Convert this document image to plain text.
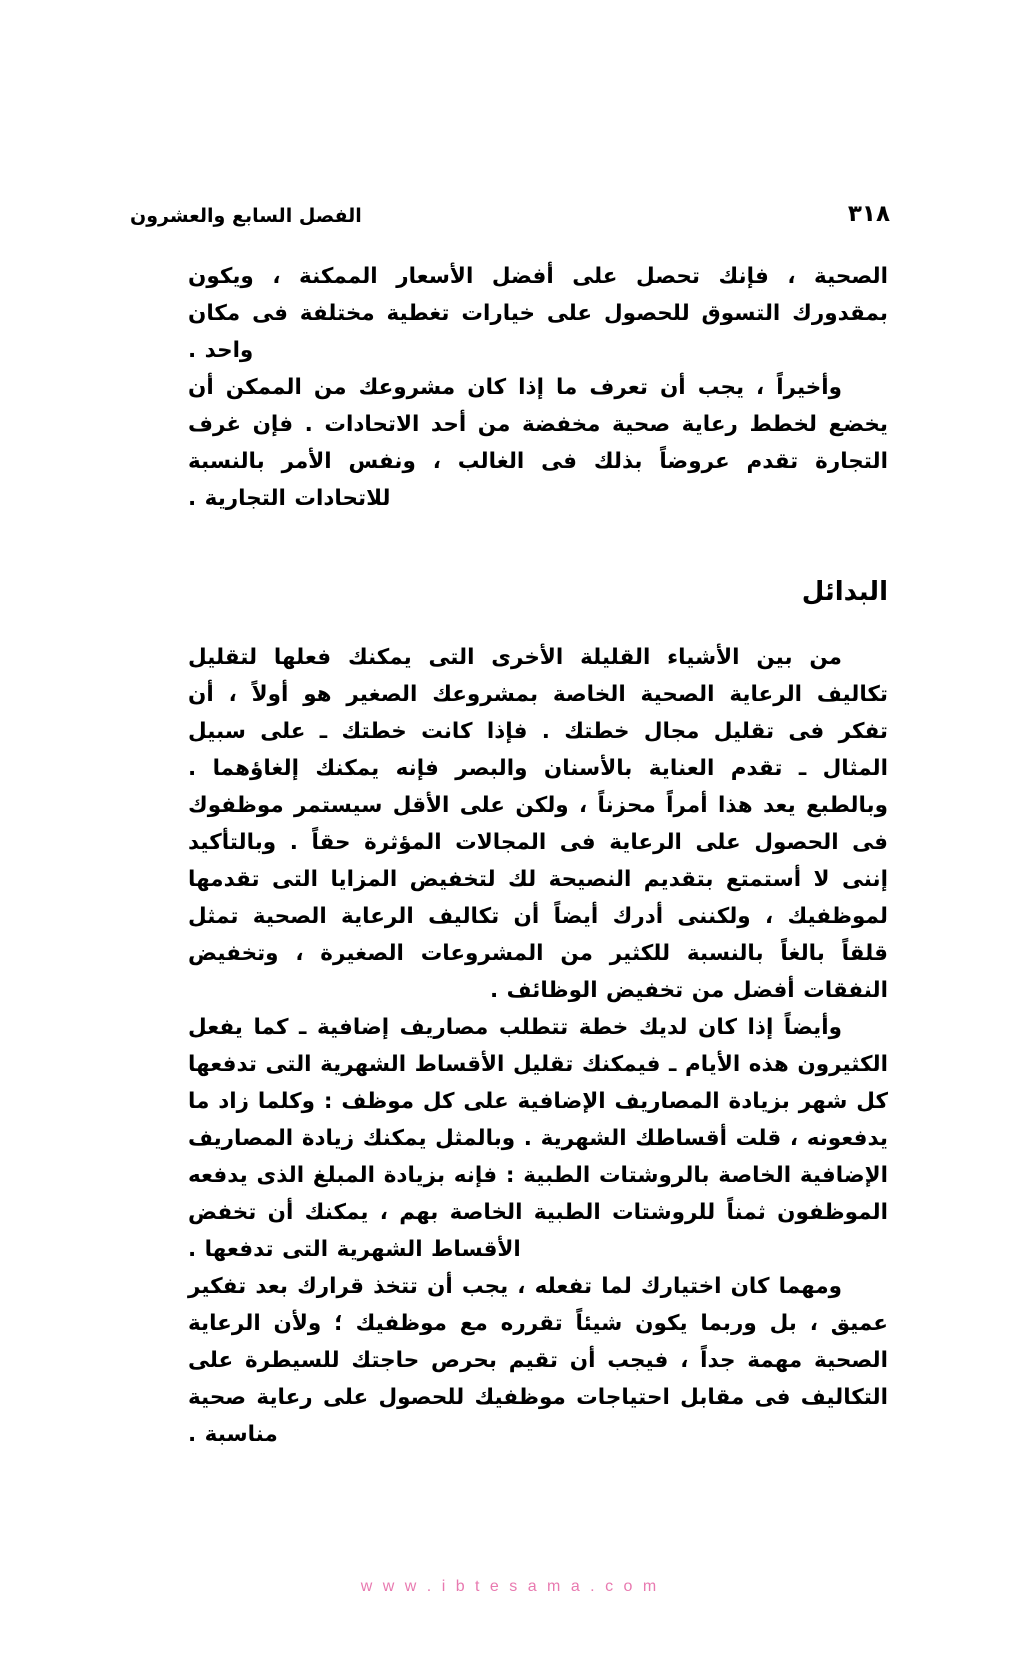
٣١٨
الفصل السابع والعشرون

الصحية ، فإنك تحصل على أفضل الأسعار الممكنة ، ويكون بمقدورك التسوق للحصول على خيارات تغطية مختلفة فى مكان واحد .

وأخيراً ، يجب أن تعرف ما إذا كان مشروعك من الممكن أن يخضع لخطط رعاية صحية مخفضة من أحد الاتحادات . فإن غرف التجارة تقدم عروضاً بذلك فى الغالب ، ونفس الأمر بالنسبة للاتحادات التجارية .

البدائل

من بين الأشياء القليلة الأخرى التى يمكنك فعلها لتقليل تكاليف الرعاية الصحية الخاصة بمشروعك الصغير هو أولاً ، أن تفكر فى تقليل مجال خطتك . فإذا كانت خطتك ـ على سبيل المثال ـ تقدم العناية بالأسنان والبصر فإنه يمكنك إلغاؤهما . وبالطبع يعد هذا أمراً محزناً ، ولكن على الأقل سيستمر موظفوك فى الحصول على الرعاية فى المجالات المؤثرة حقاً . وبالتأكيد إننى لا أستمتع بتقديم النصيحة لك لتخفيض المزايا التى تقدمها لموظفيك ، ولكننى أدرك أيضاً أن تكاليف الرعاية الصحية تمثل قلقاً بالغاً بالنسبة للكثير من المشروعات الصغيرة ، وتخفيض النفقات أفضل من تخفيض الوظائف .

وأيضاً إذا كان لديك خطة تتطلب مصاريف إضافية ـ كما يفعل الكثيرون هذه الأيام ـ فيمكنك تقليل الأقساط الشهرية التى تدفعها كل شهر بزيادة المصاريف الإضافية على كل موظف : وكلما زاد ما يدفعونه ، قلت أقساطك الشهرية . وبالمثل يمكنك زيادة المصاريف الإضافية الخاصة بالروشتات الطبية : فإنه بزيادة المبلغ الذى يدفعه الموظفون ثمناً للروشتات الطبية الخاصة بهم ، يمكنك أن تخفض الأقساط الشهرية التى تدفعها .

ومهما كان اختيارك لما تفعله ، يجب أن تتخذ قرارك بعد تفكير عميق ، بل وربما يكون شيئاً تقرره مع موظفيك ؛ ولأن الرعاية الصحية مهمة جداً ، فيجب أن تقيم بحرص حاجتك للسيطرة على التكاليف فى مقابل احتياجات موظفيك للحصول على رعاية صحية مناسبة .

w w w . i b t e s a m a . c o m
